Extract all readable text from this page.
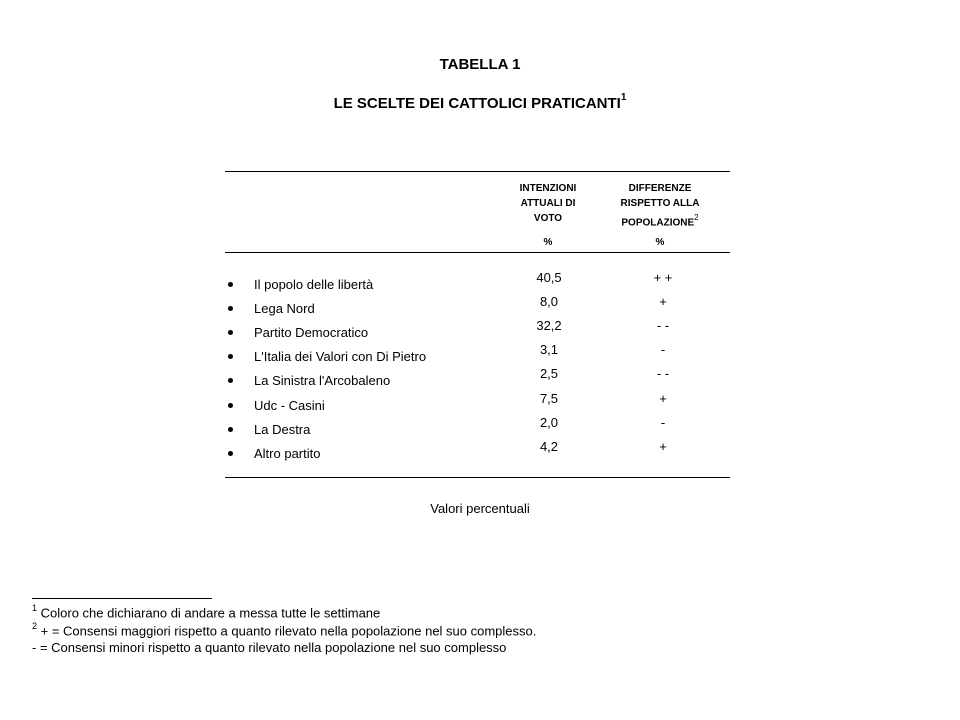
TABELLA 1
LE SCELTE DEI CATTOLICI PRATICANTI$^1$
INTENZIONI
ATTUALI DI
VOTO
DIFFERENZE
RISPETTO ALLA
POPOLAZIONE$^2$
%	%
Il popolo delle libertà	40,5	+ +
Lega Nord	8,0	+
Partito Democratico	32,2	- -
L'Italia dei Valori con Di Pietro	3,1	-
La Sinistra l'Arcobaleno	2,5	- -
Udc - Casini	7,5	+
La Destra	2,0	-
Altro partito	4,2	+
Valori percentuali
$^1$ Coloro che dichiarano di andare a messa tutte le settimane
$^2$ + = Consensi maggiori rispetto a quanto rilevato nella popolazione nel suo complesso.
- = Consensi minori rispetto a quanto rilevato nella popolazione nel suo complesso
